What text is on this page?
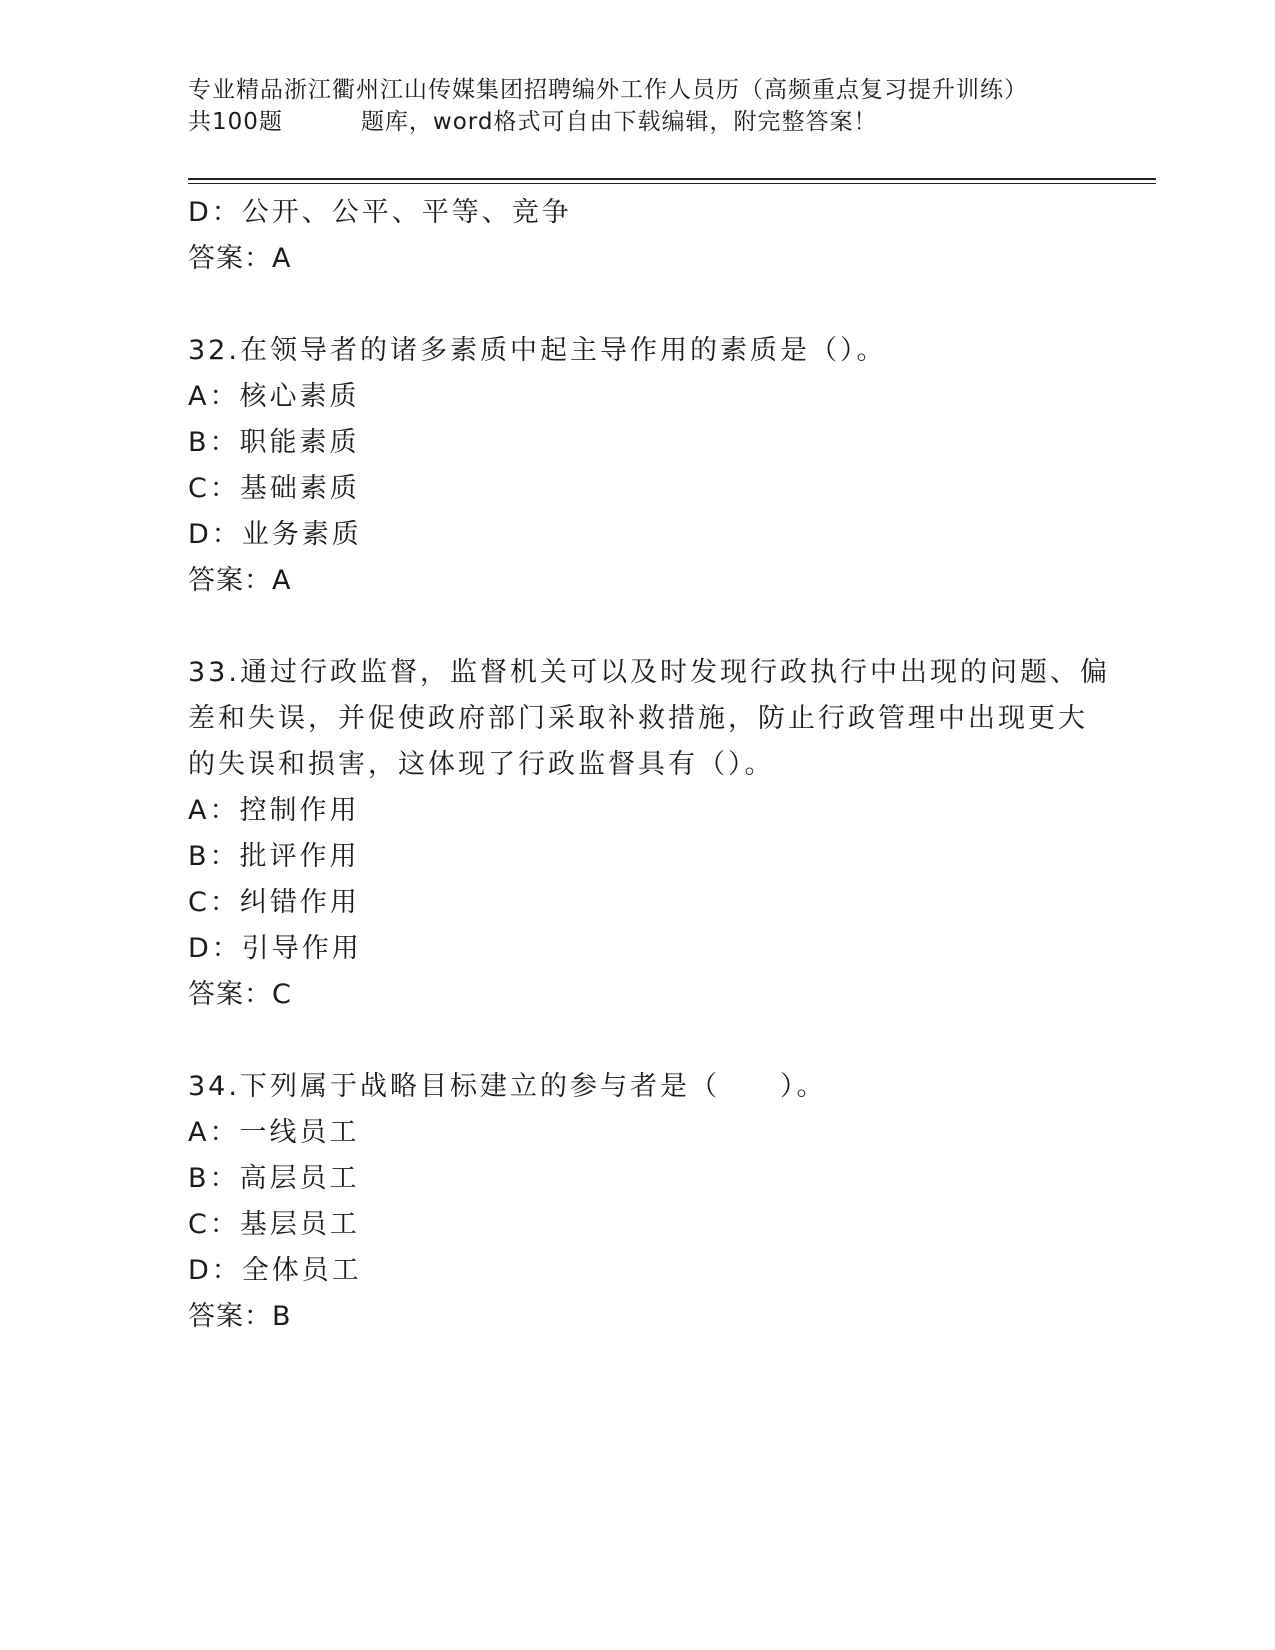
专业精品浙江衢州江山传媒集团招聘编外工作人员历（高频重点复习提升训练）
共100题	题库，word格式可自由下载编辑，附完整答案！
D：公开、公平、平等、竞争
答案：A
32.在领导者的诸多素质中起主导作用的素质是（）。
A：核心素质
B：职能素质
C：基础素质
D：业务素质
答案：A
33.通过行政监督，监督机关可以及时发现行政执行中出现的问题、偏
差和失误，并促使政府部门采取补救措施，防止行政管理中出现更大
的失误和损害，这体现了行政监督具有（）。
A：控制作用
B：批评作用
C：纠错作用
D：引导作用
答案：C
34.下列属于战略目标建立的参与者是（　　）。
A：一线员工
B：高层员工
C：基层员工
D：全体员工
答案：B
